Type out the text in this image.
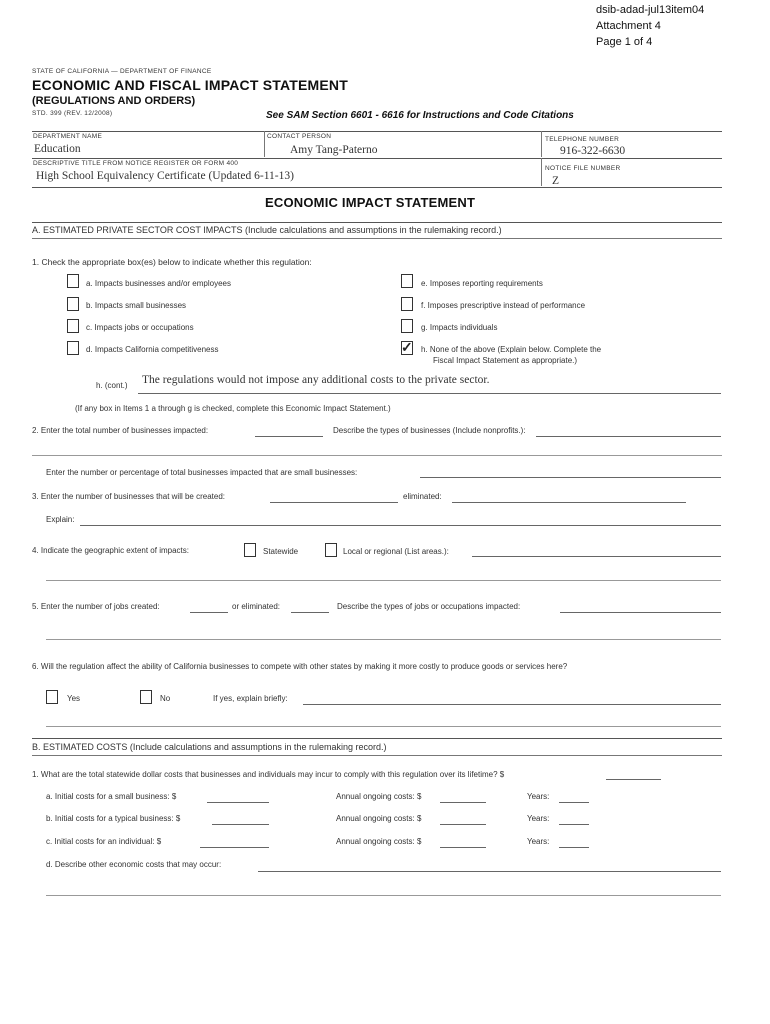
dsib-adad-jul13item04
Attachment 4
Page 1 of 4
STATE OF CALIFORNIA — DEPARTMENT OF FINANCE
ECONOMIC AND FISCAL IMPACT STATEMENT
(REGULATIONS AND ORDERS)
STD. 399 (REV. 12/2008)	See SAM Section 6601 - 6616 for Instructions and Code Citations
DEPARTMENT NAME
Education
CONTACT PERSON
Amy Tang-Paterno
TELEPHONE NUMBER
916-322-6630
DESCRIPTIVE TITLE FROM NOTICE REGISTER OR FORM 400
High School Equivalency Certificate (Updated 6-11-13)
NOTICE FILE NUMBER
Z
ECONOMIC IMPACT STATEMENT
A. ESTIMATED PRIVATE SECTOR COST IMPACTS (Include calculations and assumptions in the rulemaking record.)
1. Check the appropriate box(es) below to indicate whether this regulation:
a. Impacts businesses and/or employees
b. Impacts small businesses
c. Impacts jobs or occupations
d. Impacts California competitiveness
e. Imposes reporting requirements
f. Imposes prescriptive instead of performance
g. Impacts individuals
✓ h. None of the above (Explain below. Complete the
Fiscal Impact Statement as appropriate.)
h. (cont.) The regulations would not impose any additional costs to the private sector.
(If any box in Items 1 a through g is checked, complete this Economic Impact Statement.)
2. Enter the total number of businesses impacted:	Describe the types of businesses (Include nonprofits.):
Enter the number or percentage of total businesses impacted that are small businesses:
3. Enter the number of businesses that will be created:	eliminated:
Explain:
4. Indicate the geographic extent of impacts:	Statewide	Local or regional (List areas.):
5. Enter the number of jobs created:	or eliminated:	Describe the types of jobs or occupations impacted:
6. Will the regulation affect the ability of California businesses to compete with other states by making it more costly to produce goods or services here?
Yes	No	If yes, explain briefly:
B. ESTIMATED COSTS (Include calculations and assumptions in the rulemaking record.)
1. What are the total statewide dollar costs that businesses and individuals may incur to comply with this regulation over its lifetime? $
a. Initial costs for a small business: $	Annual ongoing costs: $	Years:
b. Initial costs for a typical business: $	Annual ongoing costs: $	Years:
c. Initial costs for an individual: $	Annual ongoing costs: $	Years:
d. Describe other economic costs that may occur:
